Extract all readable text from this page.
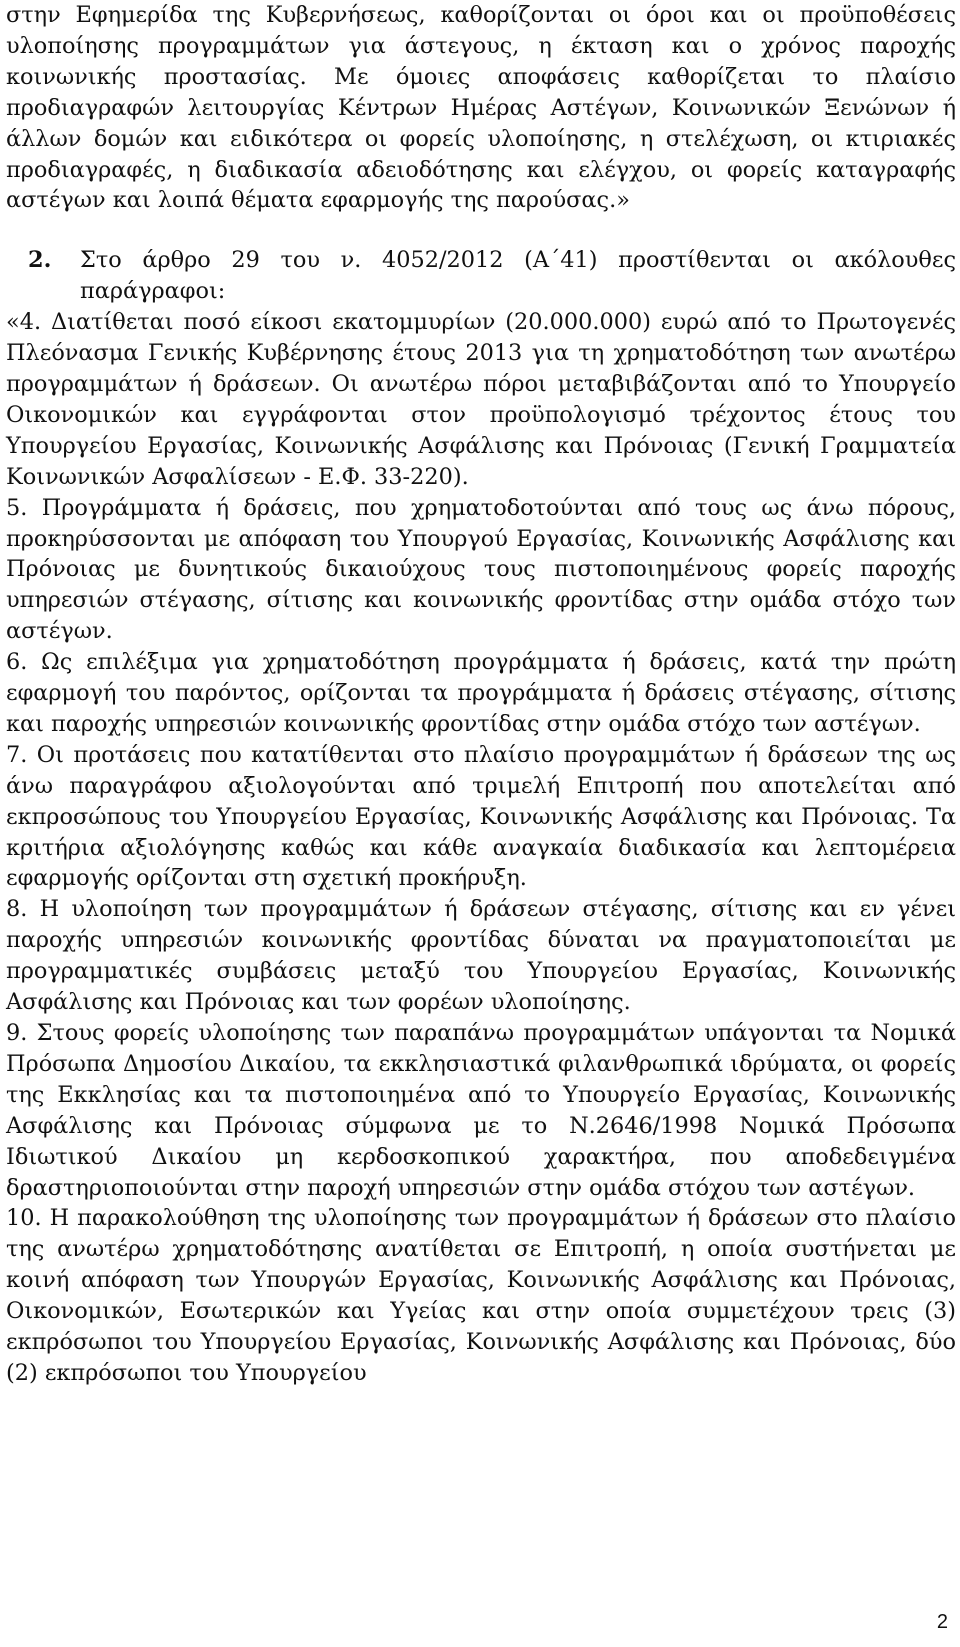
στην Εφημερίδα της Κυβερνήσεως, καθορίζονται οι όροι και οι προϋποθέσεις υλοποίησης προγραμμάτων για άστεγους, η έκταση και ο χρόνος παροχής κοινωνικής προστασίας. Με όμοιες αποφάσεις καθορίζεται το πλαίσιο προδιαγραφών λειτουργίας Κέντρων Ημέρας Αστέγων, Κοινωνικών Ξενώνων ή άλλων δομών και ειδικότερα οι φορείς υλοποίησης, η στελέχωση, οι κτιριακές προδιαγραφές, η διαδικασία αδειοδότησης και ελέγχου, οι φορείς καταγραφής αστέγων και λοιπά θέματα εφαρμογής της παρούσας.»

2.	Στο άρθρο 29 του ν. 4052/2012 (Α΄41) προστίθενται οι ακόλουθες παράγραφοι:

«4. Διατίθεται ποσό είκοσι εκατομμυρίων (20.000.000) ευρώ από το Πρωτογενές Πλεόνασμα Γενικής Κυβέρνησης έτους 2013 για τη χρηματοδότηση των ανωτέρω προγραμμάτων ή δράσεων. Οι ανωτέρω πόροι μεταβιβάζονται από το Υπουργείο Οικονομικών και εγγράφονται στον προϋπολογισμό τρέχοντος έτους του Υπουργείου Εργασίας, Κοινωνικής Ασφάλισης και Πρόνοιας (Γενική Γραμματεία Κοινωνικών Ασφαλίσεων - Ε.Φ. 33-220).

5. Προγράμματα ή δράσεις, που χρηματοδοτούνται από τους ως άνω πόρους, προκηρύσσονται με απόφαση του Υπουργού Εργασίας, Κοινωνικής Ασφάλισης και Πρόνοιας με δυνητικούς δικαιούχους τους πιστοποιημένους φορείς παροχής υπηρεσιών στέγασης, σίτισης και κοινωνικής φροντίδας στην ομάδα στόχο των αστέγων.

6. Ως επιλέξιμα για χρηματοδότηση προγράμματα ή δράσεις, κατά την πρώτη εφαρμογή του παρόντος, ορίζονται τα προγράμματα ή δράσεις στέγασης, σίτισης και παροχής υπηρεσιών κοινωνικής φροντίδας στην ομάδα στόχο των αστέγων.

7. Οι προτάσεις που κατατίθενται στο πλαίσιο προγραμμάτων ή δράσεων της ως άνω παραγράφου αξιολογούνται από τριμελή Επιτροπή που αποτελείται από εκπροσώπους του Υπουργείου Εργασίας, Κοινωνικής Ασφάλισης και Πρόνοιας. Τα κριτήρια αξιολόγησης καθώς και κάθε αναγκαία διαδικασία και λεπτομέρεια εφαρμογής ορίζονται στη σχετική προκήρυξη.

8. Η υλοποίηση των προγραμμάτων ή δράσεων στέγασης, σίτισης και εν γένει παροχής υπηρεσιών κοινωνικής φροντίδας δύναται να πραγματοποιείται με προγραμματικές συμβάσεις μεταξύ του Υπουργείου Εργασίας, Κοινωνικής Ασφάλισης και Πρόνοιας και των φορέων υλοποίησης.

9. Στους φορείς υλοποίησης των παραπάνω προγραμμάτων υπάγονται τα Νομικά Πρόσωπα Δημοσίου Δικαίου, τα εκκλησιαστικά φιλανθρωπικά ιδρύματα, οι φορείς της Εκκλησίας και τα πιστοποιημένα από το Υπουργείο Εργασίας, Κοινωνικής Ασφάλισης και Πρόνοιας σύμφωνα με το Ν.2646/1998 Νομικά Πρόσωπα Ιδιωτικού Δικαίου μη κερδοσκοπικού χαρακτήρα, που αποδεδειγμένα δραστηριοποιούνται στην παροχή υπηρεσιών στην ομάδα στόχου των αστέγων.

10. Η παρακολούθηση της υλοποίησης των προγραμμάτων ή δράσεων στο πλαίσιο της ανωτέρω χρηματοδότησης ανατίθεται σε Επιτροπή, η οποία συστήνεται με κοινή απόφαση των Υπουργών Εργασίας, Κοινωνικής Ασφάλισης και Πρόνοιας, Οικονομικών, Εσωτερικών και Υγείας και στην οποία συμμετέχουν τρεις (3) εκπρόσωποι του Υπουργείου Εργασίας, Κοινωνικής Ασφάλισης και Πρόνοιας, δύο (2) εκπρόσωποι του Υπουργείου

2
